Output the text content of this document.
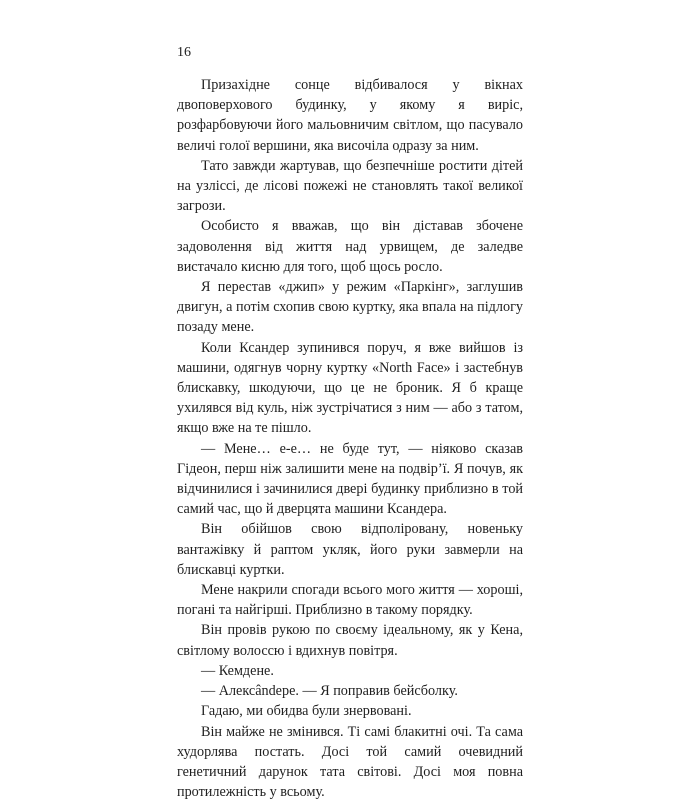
16

Призахідне сонце відбивалося у вікнах двоповерхового будинку, у якому я виріс, розфарбовуючи його мальовничим світлом, що пасувало величі голої вершини, яка височіла одразу за ним.

Тато завжди жартував, що безпечніше ростити дітей на узліссі, де лісові пожежі не становлять такої великої загрози.

Особисто я вважав, що він діставав збочене задоволення від життя над урвищем, де заледве вистачало кисню для того, щоб щось росло.

Я перестав «джип» у режим «Паркінг», заглушив двигун, а потім схопив свою куртку, яка впала на підлогу позаду мене.

Коли Ксандер зупинився поруч, я вже вийшов із машини, одягнув чорну куртку «North Face» і застебнув блискавку, шкодуючи, що це не броник. Я б краще ухилявся від куль, ніж зустрічатися з ним — або з татом, якщо вже на те пішло.

— Мене… е-е… не буде тут, — ніяково сказав Гідеон, перш ніж залишити мене на подвір’ї. Я почув, як відчинилися і зачинилися двері будинку приблизно в той самий час, що й дверцята машини Ксандера.

Він обійшов свою відполіровану, новеньку вантажівку й раптом укляк, його руки завмерли на блискавці куртки.

Мене накрили спогади всього мого життя — хороші, погані та найгірші. Приблизно в такому порядку.

Він провів рукою по своєму ідеальному, як у Кена, світлому волоссю і вдихнув повітря.

— Кемдене.

— Алексândере. — Я поправив бейсболку.

Гадаю, ми обидва були знервовані.

Він майже не змінився. Ті самі блакитні очі. Та сама худорлява постать. Досі той самий очевидний генетичний дарунок тата світові. Досі моя повна протилежність у всьому.
